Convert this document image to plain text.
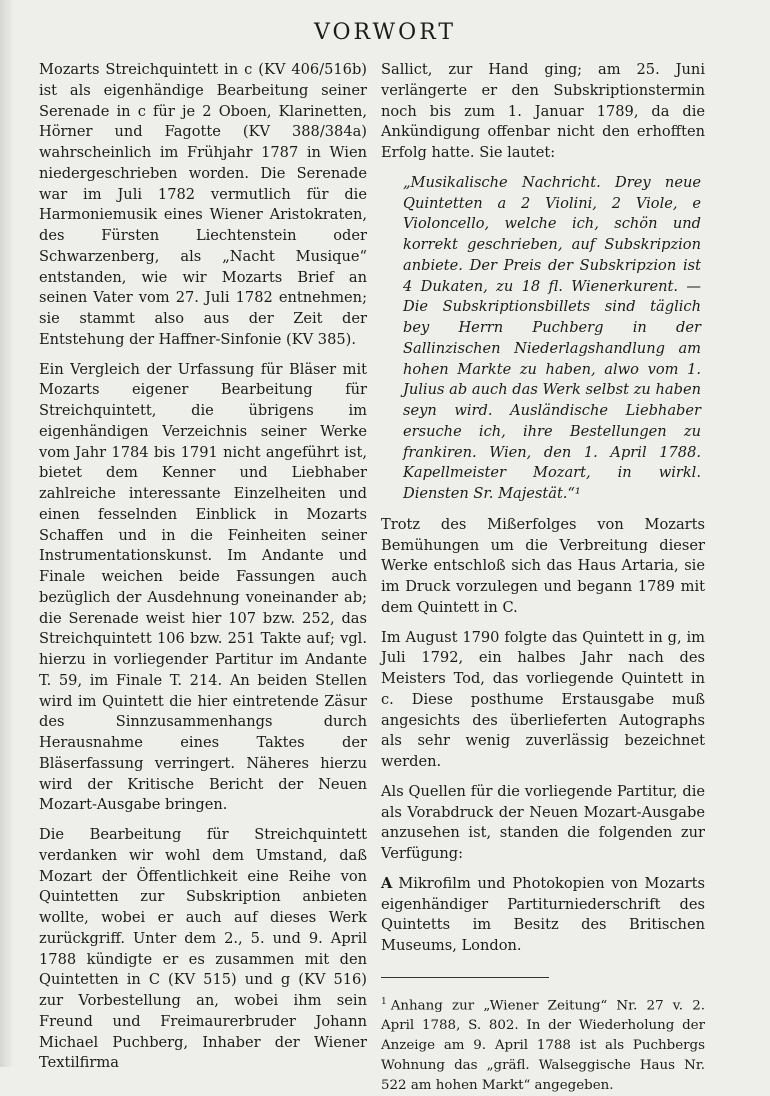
VORWORT

Mozarts Streichquintett in c (KV 406/516b) ist als eigenhändige Bearbeitung seiner Serenade in c für je 2 Oboen, Klarinetten, Hörner und Fagotte (KV 388/384a) wahrscheinlich im Frühjahr 1787 in Wien niedergeschrieben worden. Die Serenade war im Juli 1782 vermutlich für die Harmoniemusik eines Wiener Aristokraten, des Fürsten Liechtenstein oder Schwarzenberg, als „Nacht Musique“ entstanden, wie wir Mozarts Brief an seinen Vater vom 27. Juli 1782 entnehmen; sie stammt also aus der Zeit der Entstehung der Haffner-Sinfonie (KV 385).

Ein Vergleich der Urfassung für Bläser mit Mozarts eigener Bearbeitung für Streichquintett, die übrigens im eigenhändigen Verzeichnis seiner Werke vom Jahr 1784 bis 1791 nicht angeführt ist, bietet dem Kenner und Liebhaber zahlreiche interessante Einzelheiten und einen fesselnden Einblick in Mozarts Schaffen und in die Feinheiten seiner Instrumentationskunst. Im Andante und Finale weichen beide Fassungen auch bezüglich der Ausdehnung voneinander ab; die Serenade weist hier 107 bzw. 252, das Streichquintett 106 bzw. 251 Takte auf; vgl. hierzu in vorliegender Partitur im Andante T. 59, im Finale T. 214. An beiden Stellen wird im Quintett die hier eintretende Zäsur des Sinnzusammenhangs durch Herausnahme eines Taktes der Bläserfassung verringert. Näheres hierzu wird der Kritische Bericht der Neuen Mozart-Ausgabe bringen.

Die Bearbeitung für Streichquintett verdanken wir wohl dem Umstand, daß Mozart der Öffentlichkeit eine Reihe von Quintetten zur Subskription anbieten wollte, wobei er auch auf dieses Werk zurückgriff. Unter dem 2., 5. und 9. April 1788 kündigte er es zusammen mit den Quintetten in C (KV 515) und g (KV 516) zur Vorbestellung an, wobei ihm sein Freund und Freimaurerbruder Johann Michael Puchberg, Inhaber der Wiener Textilfirma

Sallict, zur Hand ging; am 25. Juni verlängerte er den Subskriptionstermin noch bis zum 1. Januar 1789, da die Ankündigung offenbar nicht den erhofften Erfolg hatte. Sie lautet:

„Musikalische Nachricht. Drey neue Quintetten a 2 Violini, 2 Viole, e Violoncello, welche ich, schön und korrekt geschrieben, auf Subskripzion anbiete. Der Preis der Subskripzion ist 4 Dukaten, zu 18 fl. Wienerkurent. — Die Subskriptionsbillets sind täglich bey Herrn Puchberg in der Sallinzischen Niederlagshandlung am hohen Markte zu haben, alwo vom 1. Julius ab auch das Werk selbst zu haben seyn wird. Ausländische Liebhaber ersuche ich, ihre Bestellungen zu frankiren. Wien, den 1. April 1788. Kapellmeister Mozart, in wirkl. Diensten Sr. Majestät.“¹

Trotz des Mißerfolges von Mozarts Bemühungen um die Verbreitung dieser Werke entschloß sich das Haus Artaria, sie im Druck vorzulegen und begann 1789 mit dem Quintett in C.

Im August 1790 folgte das Quintett in g, im Juli 1792, ein halbes Jahr nach des Meisters Tod, das vorliegende Quintett in c. Diese posthume Erstausgabe muß angesichts des überlieferten Autographs als sehr wenig zuverlässig bezeichnet werden.

Als Quellen für die vorliegende Partitur, die als Vorabdruck der Neuen Mozart-Ausgabe anzusehen ist, standen die folgenden zur Verfügung:

A Mikrofilm und Photokopien von Mozarts eigenhändiger Partiturniederschrift des Quintetts im Besitz des Britischen Museums, London.

$^1$ Anhang zur „Wiener Zeitung“ Nr. 27 v. 2. April 1788, S. 802. In der Wiederholung der Anzeige am 9. April 1788 ist als Puchbergs Wohnung das „gräfl. Walseggische Haus Nr. 522 am hohen Markt“ angegeben.
